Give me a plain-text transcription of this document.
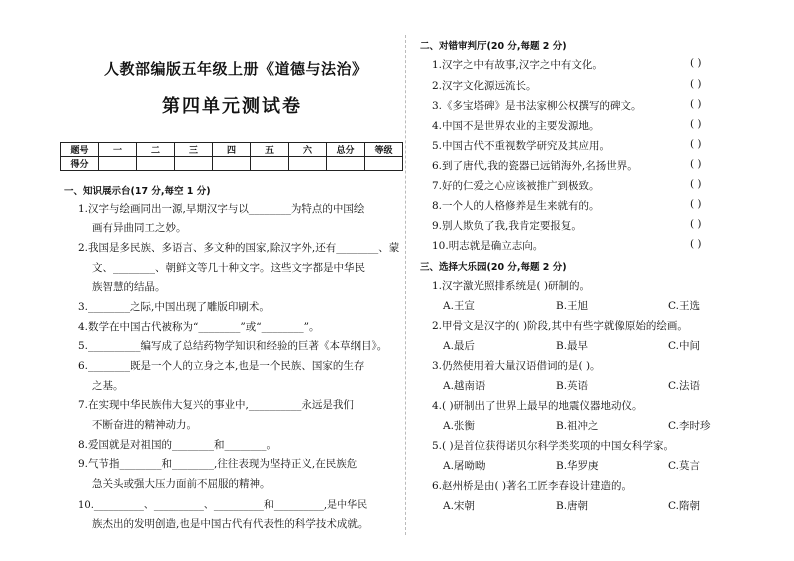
人教部编版五年级上册《道德与法治》
第四单元测试卷
题号	一	二	三	四	五	六	总分	等级
得分								
一、知识展示台(17 分,每空 1 分)
1.汉字与绘画同出一源,早期汉字与以________为特点的中国绘
画有异曲同工之妙。
2.我国是多民族、多语言、多文种的国家,除汉字外,还有________、蒙
文、________、朝鲜文等几十种文字。这些文字都是中华民
族智慧的结晶。
3.________之际,中国出现了雕版印刷术。
4.数学在中国古代被称为“________”或“________”。
5.__________编写成了总结药物学知识和经验的巨著《本草纲目》。
6.________既是一个人的立身之本,也是一个民族、国家的生存
之基。
7.在实现中华民族伟大复兴的事业中,__________永远是我们
不断奋进的精神动力。
8.爱国就是对祖国的________和________。
9.气节指________和________,往往表现为坚持正义,在民族危
急关头或强大压力面前不屈服的精神。
10.__________、__________、__________和__________,是中华民
族杰出的发明创造,也是中国古代有代表性的科学技术成就。
二、对错审判厅(20 分,每题 2 分)
1.汉字之中有故事,汉字之中有文化。	( )
2.汉字文化源远流长。	( )
3.《多宝塔碑》是书法家柳公权撰写的碑文。	( )
4.中国不是世界农业的主要发源地。	( )
5.中国古代不重视数学研究及其应用。	( )
6.到了唐代,我的瓷器已远销海外,名扬世界。	( )
7.好的仁爱之心应该被推广到极致。	( )
8.一个人的人格修养是生来就有的。	( )
9.别人欺负了我,我肯定要报复。	( )
10.明志就是确立志向。	( )
三、选择大乐园(20 分,每题 2 分)
1.汉字激光照排系统是( )研制的。
A.王宣	B.王旭	C.王选
2.甲骨文是汉字的( )阶段,其中有些字就像原始的绘画。
A.最后	B.最早	C.中间
3.仍然使用着大量汉语借词的是( )。
A.越南语	B.英语	C.法语
4.( )研制出了世界上最早的地震仪器地动仪。
A.张衡	B.祖冲之	C.李时珍
5.( )是首位获得诺贝尔科学类奖项的中国女科学家。
A.屠呦呦	B.华罗庚	C.莫言
6.赵州桥是由( )著名工匠李春设计建造的。
A.宋朝	B.唐朝	C.隋朝
